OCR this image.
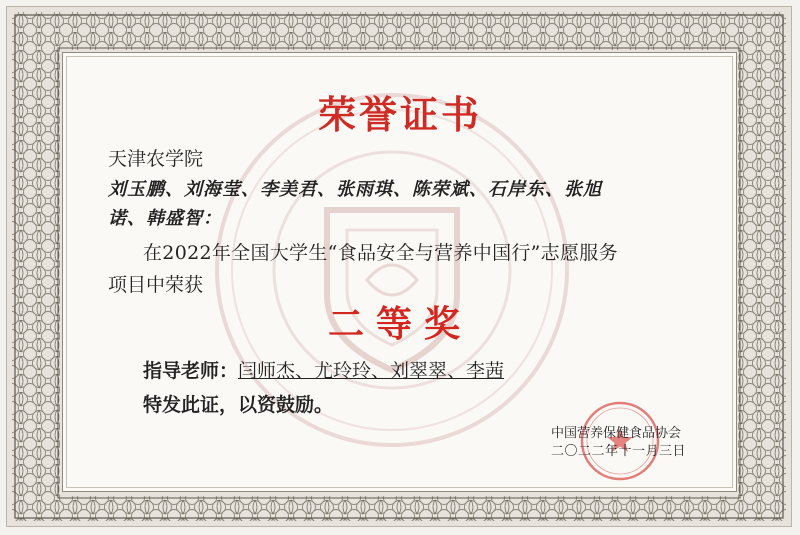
荣誉证书
天津农学院
刘玉鹏、刘海莹、李美君、张雨琪、陈荣斌、石岸东、张旭
诺、韩盛智：
在2022年全国大学生“食品安全与营养中国行”志愿服务
项目中荣获
二等奖
指导老师：闫师杰、尤玲玲、刘翠翠、李茜
特发此证，以资鼓励。
中国营养保健食品协会
二〇二二年十一月三日
